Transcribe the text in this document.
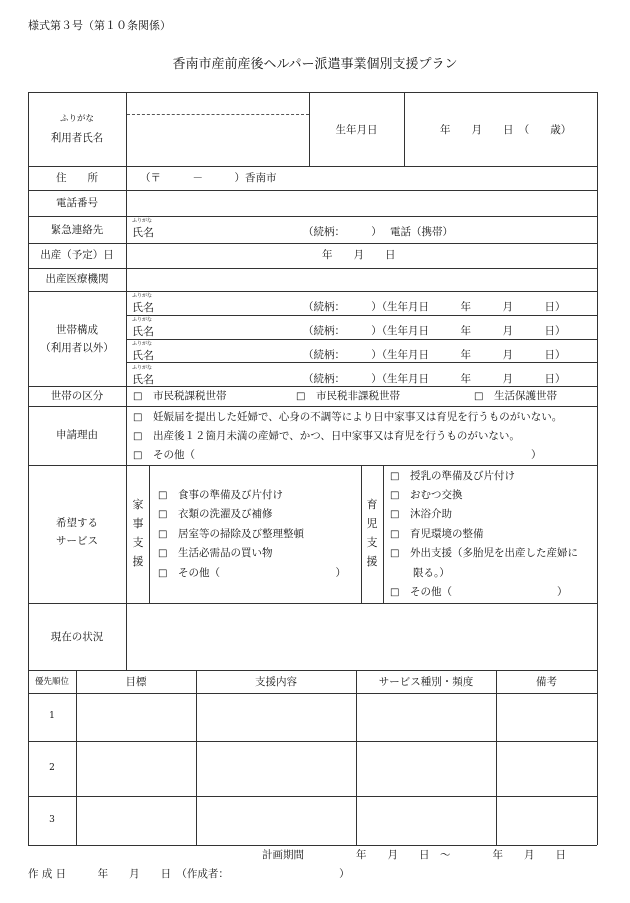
様式第３号（第１０条関係）
香南市産前産後ヘルパー派遣事業個別支援プラン
ふりがな
利用者氏名
生年月日	年　　月　　日　（　　歳）
住　　所	（〒　　　－　　　）香南市
電話番号
緊急連絡先
ふりがな
氏名	（続柄：　　　） 電話（携帯）
出産（予定）日	年　　月　　日
出産医療機関
世帯構成
（利用者以外）
ふりがな
氏名	（続柄：　　　）（生年月日　　　年　　　月　　　日）
ふりがな
氏名	（続柄：　　　）（生年月日　　　年　　　月　　　日）
ふりがな
氏名	（続柄：　　　）（生年月日　　　年　　　月　　　日）
ふりがな
氏名	（続柄：　　　）（生年月日　　　年　　　月　　　日）
世帯の区分	□　 市民税課税世帯	□　 市民税非課税世帯	□　 生活保護世帯
申請理由
□　 妊娠届を提出した妊婦で、心身の不調等により日中家事又は育児を行うものがいない。
□　 出産後１２箇月未満の産婦で、かつ、日中家事又は育児を行うものがいない。
□　 その他（　　　　　　　　　　　　　　　　　　　　　　　　　　　　　　　　）
希望する
サービス
家
事
支
援
□　 食事の準備及び片付け
□　 衣類の洗濯及び補修
□　 居室等の掃除及び整理整頓
□　 生活必需品の買い物
□　 その他（　　　　　　　　　　　）
育
児
支
援
□　 授乳の準備及び片付け
□　 おむつ交換
□　 沐浴介助
□　 育児環境の整備
□　 外出支援（多胎児を出産した産婦に
限る。）
□　 その他（　　　　　　　　　　）
現在の状況
優先順位	目標	支援内容	サービス種別・頻度	備考
1
2
3
計画期間	年　　月　　日　～　　　　年　　月　　日
作 成 日　　　年　　月　　日　（作成者：　　　　　　　　　　　）
